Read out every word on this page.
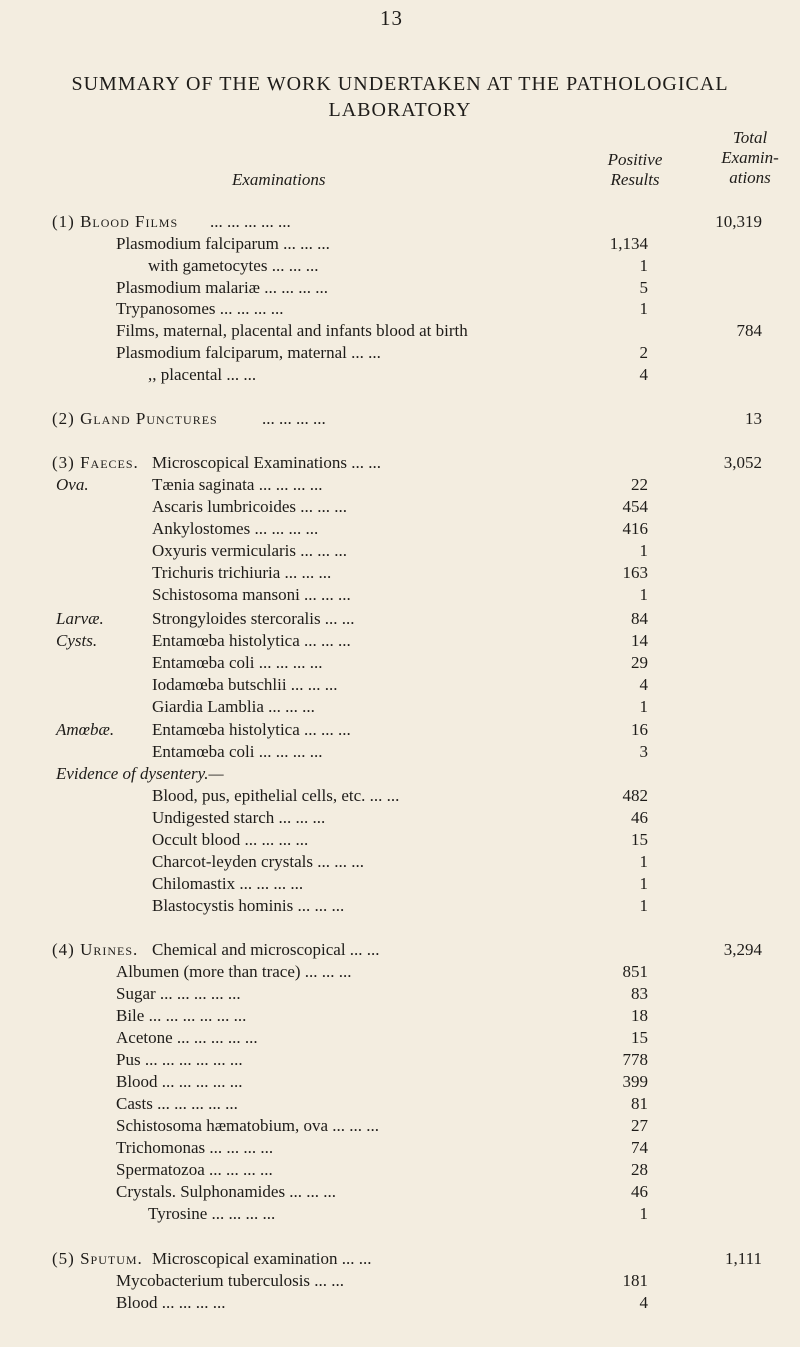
13
SUMMARY OF THE WORK UNDERTAKEN AT THE PATHOLOGICAL
LABORATORY
Examinations
Positive
Results
Total
Examin-
ations
(1) Blood Films ... ... ... ... ...	10,319
Plasmodium falciparum ... ... ...	1,134
with gametocytes ... ... ...	1
Plasmodium malariæ ... ... ... ...	5
Trypanosomes ... ... ... ...	1
Films, maternal, placental and infants blood at birth	784
Plasmodium falciparum, maternal ... ...	2
,, placental ... ...	4
(2) Gland Punctures	... ... ... ...	13
(3) Faeces. Microscopical Examinations ... ...	3,052
Ova.	Tænia saginata ... ... ... ...	22
Ascaris lumbricoides ... ... ...	454
Ankylostomes ... ... ... ...	416
Oxyuris vermicularis ... ... ...	1
Trichuris trichiuria ... ... ...	163
Schistosoma mansoni ... ... ...	1
Larvæ.	Strongyloides stercoralis ... ...	84
Cysts.	Entamœba histolytica ... ... ...	14
Entamœba coli ... ... ... ...	29
Iodamœba butschlii ... ... ...	4
Giardia Lamblia ... ... ...	1
Amœbæ. Entamœba histolytica ... ... ...	16
Entamœba coli ... ... ... ...	3
Evidence of dysentery.—
Blood, pus, epithelial cells, etc. ... ...	482
Undigested starch ... ... ...	46
Occult blood ... ... ... ...	15
Charcot-leyden crystals ... ... ...	1
Chilomastix ... ... ... ...	1
Blastocystis hominis ... ... ...	1
(4) Urines. Chemical and microscopical ... ...	3,294
Albumen (more than trace) ... ... ...	851
Sugar ... ... ... ... ...	83
Bile ... ... ... ... ... ...	18
Acetone ... ... ... ... ...	15
Pus ... ... ... ... ... ...	778
Blood ... ... ... ... ...	399
Casts ... ... ... ... ...	81
Schistosoma hæmatobium, ova ... ... ...	27
Trichomonas ... ... ... ...	74
Spermatozoa ... ... ... ...	28
Crystals. Sulphonamides ... ... ...	46
Tyrosine ... ... ... ...	1
(5) Sputum. Microscopical examination ... ...	1,111
Mycobacterium tuberculosis ... ...	181
Blood ... ... ... ...	4
